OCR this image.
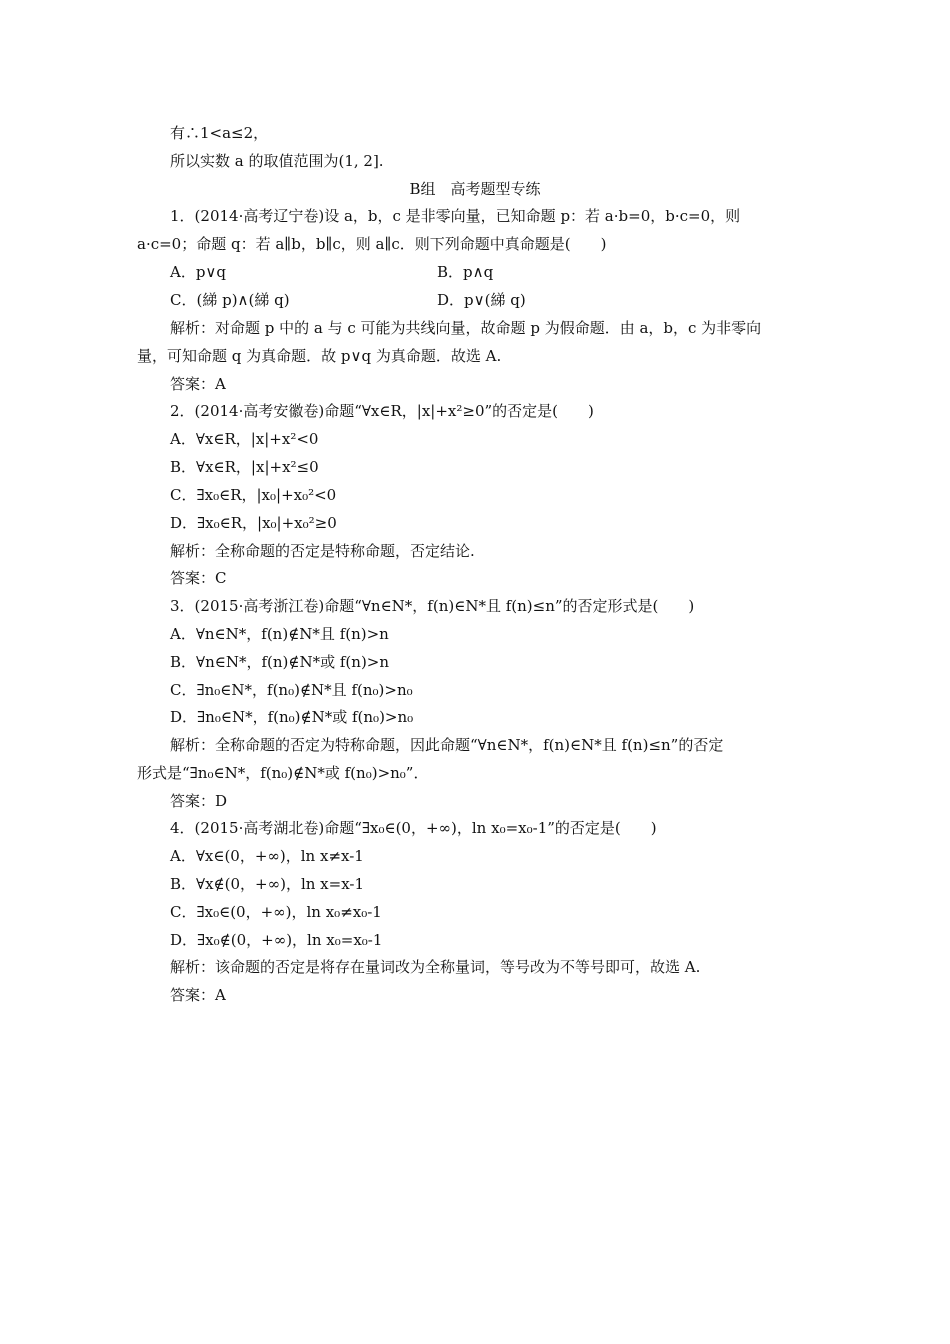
有∴1<a≤2，
所以实数 a 的取值范围为(1, 2].
B组　高考题型专练
1．(2014·高考辽宁卷)设 a，b，c 是非零向量，已知命题 p：若 a·b=0，b·c=0，则
a·c=0；命题 q：若 a∥b，b∥c，则 a∥c．则下列命题中真命题是(　　)
A．p∨q	B．p∧q
C．(綈 p)∧(綈 q)	D．p∨(綈 q)
解析：对命题 p 中的 a 与 c 可能为共线向量，故命题 p 为假命题．由 a，b，c 为非零向
量，可知命题 q 为真命题．故 p∨q 为真命题．故选 A.
答案：A
2．(2014·高考安徽卷)命题“∀x∈R，|x|+x²≥0”的否定是(　　)
A．∀x∈R，|x|+x²<0
B．∀x∈R，|x|+x²≤0
C．∃x₀∈R，|x₀|+x₀²<0
D．∃x₀∈R，|x₀|+x₀²≥0
解析：全称命题的否定是特称命题，否定结论.
答案：C
3．(2015·高考浙江卷)命题“∀n∈N*，f(n)∈N*且 f(n)≤n”的否定形式是(　　)
A．∀n∈N*，f(n)∉N*且 f(n)>n
B．∀n∈N*，f(n)∉N*或 f(n)>n
C．∃n₀∈N*，f(n₀)∉N*且 f(n₀)>n₀
D．∃n₀∈N*，f(n₀)∉N*或 f(n₀)>n₀
解析：全称命题的否定为特称命题，因此命题“∀n∈N*，f(n)∈N*且 f(n)≤n”的否定
形式是“∃n₀∈N*，f(n₀)∉N*或 f(n₀)>n₀”．
答案：D
4．(2015·高考湖北卷)命题“∃x₀∈(0，+∞)，ln x₀=x₀-1”的否定是(　　)
A．∀x∈(0，+∞)，ln x≠x-1
B．∀x∉(0，+∞)，ln x=x-1
C．∃x₀∈(0，+∞)，ln x₀≠x₀-1
D．∃x₀∉(0，+∞)，ln x₀=x₀-1
解析：该命题的否定是将存在量词改为全称量词，等号改为不等号即可，故选 A.
答案：A
